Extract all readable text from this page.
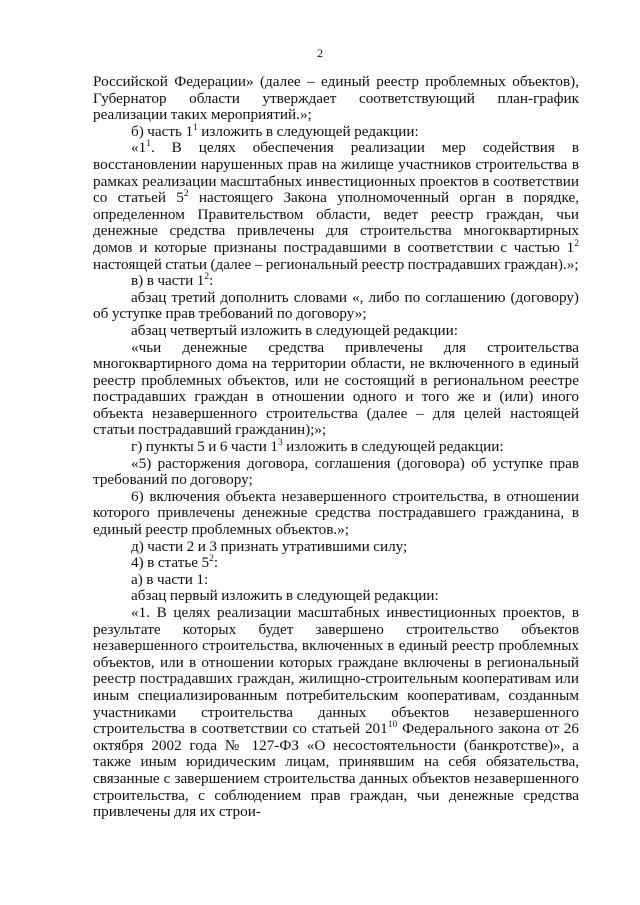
2

Российской Федерации» (далее – единый реестр проблемных объектов), Губернатор области утверждает соответствующий план-график реализации таких мероприятий.»;

б) часть $1^1$ изложить в следующей редакции:

«$1^1$. В целях обеспечения реализации мер содействия в восстановлении нарушенных прав на жилище участников строительства в рамках реализации масштабных инвестиционных проектов в соответствии со статьей $5^2$ настоящего Закона уполномоченный орган в порядке, определенном Правительством области, ведет реестр граждан, чьи денежные средства привлечены для строительства многоквартирных домов и которые признаны пострадавшими в соответствии с частью $1^2$ настоящей статьи (далее – региональный реестр пострадавших граждан).»;

в) в части $1^2$:

абзац третий дополнить словами «, либо по соглашению (договору) об уступке прав требований по договору»;

абзац четвертый изложить в следующей редакции:

«чьи денежные средства привлечены для строительства многоквартирного дома на территории области, не включенного в единый реестр проблемных объектов, или не состоящий в региональном реестре пострадавших граждан в отношении одного и того же и (или) иного объекта незавершенного строительства (далее – для целей настоящей статьи пострадавший гражданин);»;

г) пункты 5 и 6 части $1^3$ изложить в следующей редакции:

«5) расторжения договора, соглашения (договора) об уступке прав требований по договору;

6) включения объекта незавершенного строительства, в отношении которого привлечены денежные средства пострадавшего гражданина, в единый реестр проблемных объектов.»;

д) части 2 и 3 признать утратившими силу;

4) в статье $5^2$:

а) в части 1:

абзац первый изложить в следующей редакции:

«1. В целях реализации масштабных инвестиционных проектов, в результате которых будет завершено строительство объектов незавершенного строительства, включенных в единый реестр проблемных объектов, или в отношении которых граждане включены в региональный реестр пострадавших граждан, жилищно-строительным кооперативам или иным специализированным потребительским кооперативам, созданным участниками строительства данных объектов незавершенного строительства в соответствии со статьей $201^{10}$ Федерального закона от 26 октября 2002 года № 127-ФЗ «О несостоятельности (банкротстве)», а также иным юридическим лицам, принявшим на себя обязательства, связанные с завершением строительства данных объектов незавершенного строительства, с соблюдением прав граждан, чьи денежные средства привлечены для их строи-
